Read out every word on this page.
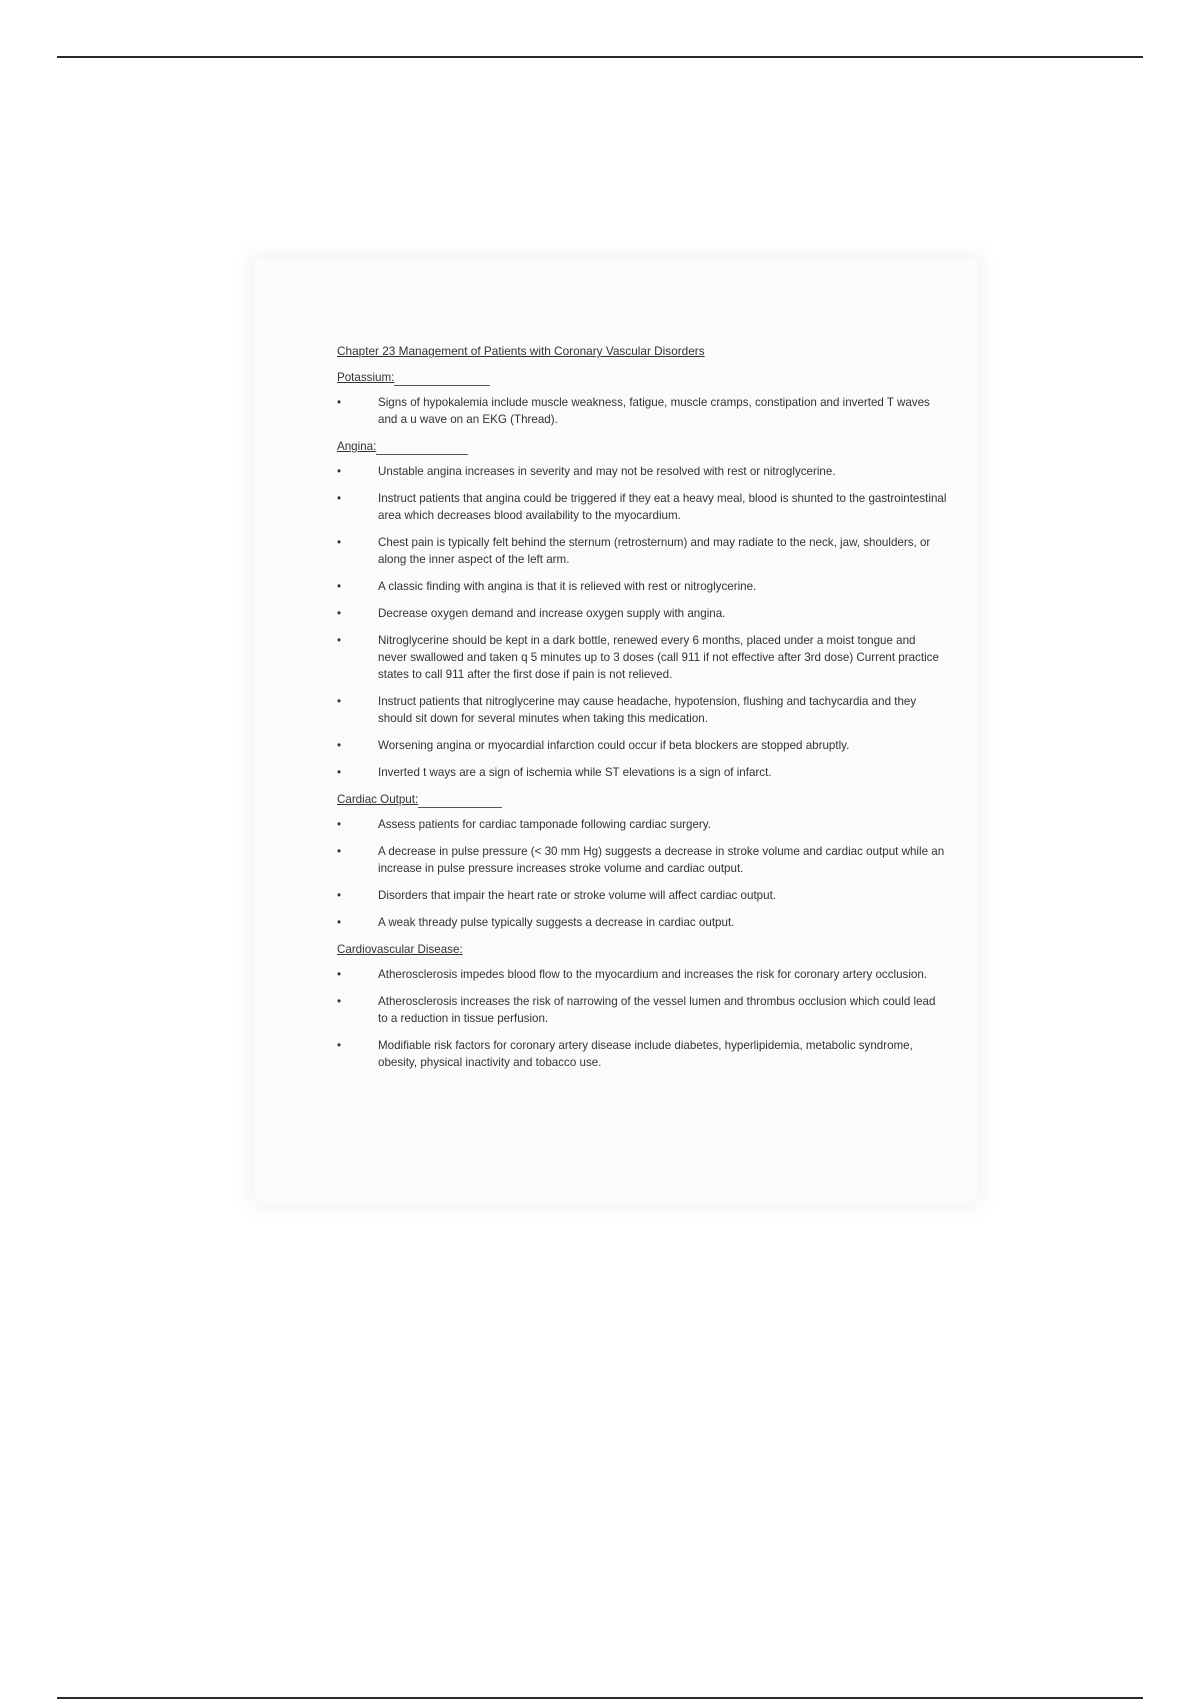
Chapter 23 Management of Patients with Coronary Vascular Disorders
Potassium:
•	Signs of hypokalemia include muscle weakness, fatigue, muscle cramps, constipation and inverted T waves and a u wave on an EKG (Thread).
Angina:
•	Unstable angina increases in severity and may not be resolved with rest or nitroglycerine.
•	Instruct patients that angina could be triggered if they eat a heavy meal, blood is shunted to the gastrointestinal area which decreases blood availability to the myocardium.
•	Chest pain is typically felt behind the sternum (retrosternum) and may radiate to the neck, jaw, shoulders, or along the inner aspect of the left arm.
•	A classic finding with angina is that it is relieved with rest or nitroglycerine.
•	Decrease oxygen demand and increase oxygen supply with angina.
•	Nitroglycerine should be kept in a dark bottle, renewed every 6 months, placed under a moist tongue and never swallowed and taken q 5 minutes up to 3 doses (call 911 if not effective after 3rd dose) Current practice states to call 911 after the first dose if pain is not relieved.
•	Instruct patients that nitroglycerine may cause headache, hypotension, flushing and tachycardia and they should sit down for several minutes when taking this medication.
•	Worsening angina or myocardial infarction could occur if beta blockers are stopped abruptly.
•	Inverted t ways are a sign of ischemia while ST elevations is a sign of infarct.
Cardiac Output:
•	Assess patients for cardiac tamponade following cardiac surgery.
•	A decrease in pulse pressure (< 30 mm Hg) suggests a decrease in stroke volume and cardiac output while an increase in pulse pressure increases stroke volume and cardiac output.
•	Disorders that impair the heart rate or stroke volume will affect cardiac output.
•	A weak thready pulse typically suggests a decrease in cardiac output.
Cardiovascular Disease:
•	Atherosclerosis impedes blood flow to the myocardium and increases the risk for coronary artery occlusion.
•	Atherosclerosis increases the risk of narrowing of the vessel lumen and thrombus occlusion which could lead to a reduction in tissue perfusion.
•	Modifiable risk factors for coronary artery disease include diabetes, hyperlipidemia, metabolic syndrome, obesity, physical inactivity and tobacco use.
